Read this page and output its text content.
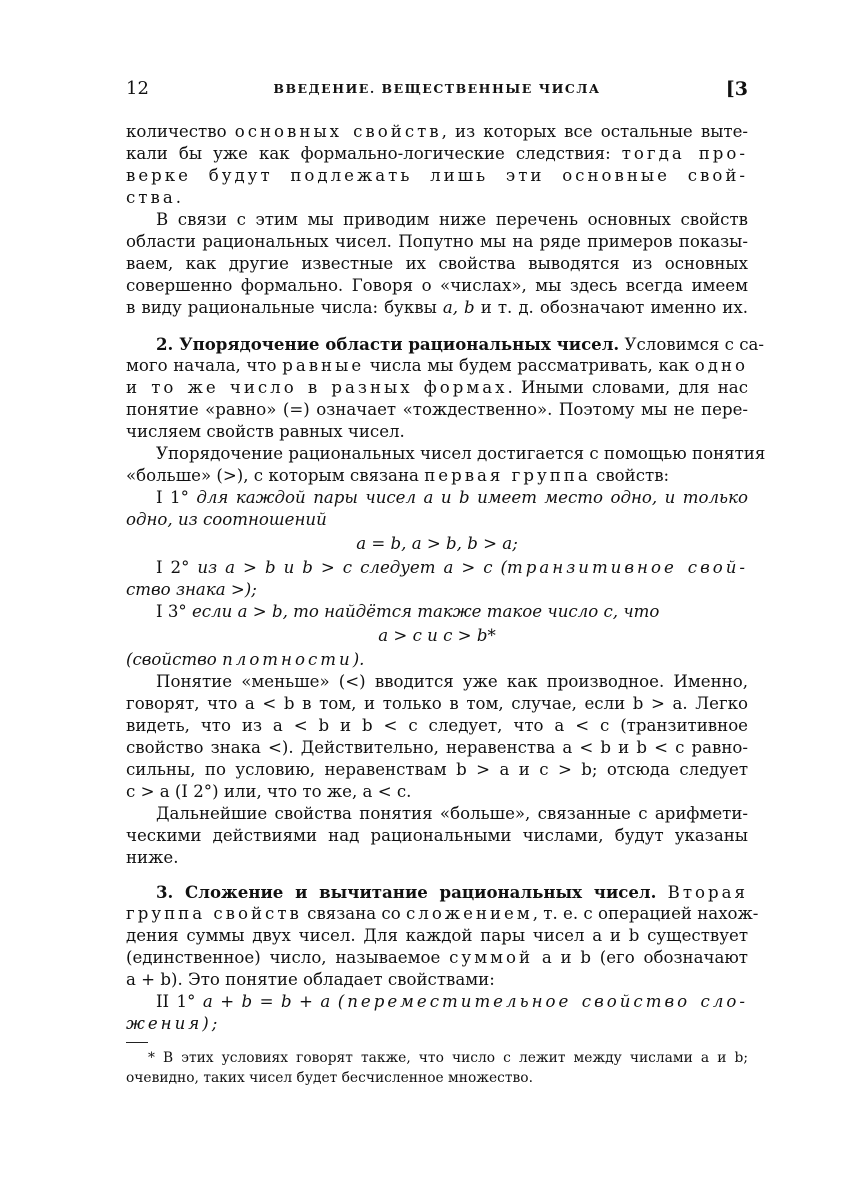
12	ВВЕДЕНИЕ. ВЕЩЕСТВЕННЫЕ ЧИСЛА	[3
количество основных свойств, из которых все остальные выте-
кали бы уже как формально-логические следствия: тогда про-
верке будут подлежать лишь эти основные свой-
ства.
В связи с этим мы приводим ниже перечень основных свойств
области рациональных чисел. Попутно мы на ряде примеров показы-
ваем, как другие известные их свойства выводятся из основных
совершенно формально. Говоря о «числах», мы здесь всегда имеем
в виду рациональные числа: буквы a, b и т. д. обозначают именно их.
2. Упорядочение области рациональных чисел. Условимся с са-
мого начала, что равные числа мы будем рассматривать, как одно
и то же число в разных формах. Иными словами, для нас
понятие «равно» (=) означает «тождественно». Поэтому мы не пере-
числяем свойств равных чисел.
Упорядочение рациональных чисел достигается с помощью понятия
«больше» (>), с которым связана первая группа свойств:
I 1° для каждой пары чисел a и b имеет место одно, и только
одно, из соотношений
a = b, a > b, b > a;
I 2° из a > b и b > c следует a > c (транзитивное свой-
ство знака >);
I 3° если a > b, то найдётся также такое число c, что
a > c и c > b*
(свойство плотности).
Понятие «меньше» (<) вводится уже как производное. Именно,
говорят, что a < b в том, и только в том, случае, если b > a. Легко
видеть, что из a < b и b < c следует, что a < c (транзитивное
свойство знака <). Действительно, неравенства a < b и b < c равно-
сильны, по условию, неравенствам b > a и c > b; отсюда следует
c > a (I 2°) или, что то же, a < c.
Дальнейшие свойства понятия «больше», связанные с арифмети-
ческими действиями над рациональными числами, будут указаны
ниже.
3. Сложение и вычитание рациональных чисел. Вторая
группа свойств связана со сложением, т. е. с операцией нахож-
дения суммы двух чисел. Для каждой пары чисел a и b существует
(единственное) число, называемое суммой a и b (его обозначают
a + b). Это понятие обладает свойствами:
II 1° a + b = b + a (переместительное свойство сло-
жения);
* В этих условиях говорят также, что число c лежит между числами a и b;
очевидно, таких чисел будет бесчисленное множество.
